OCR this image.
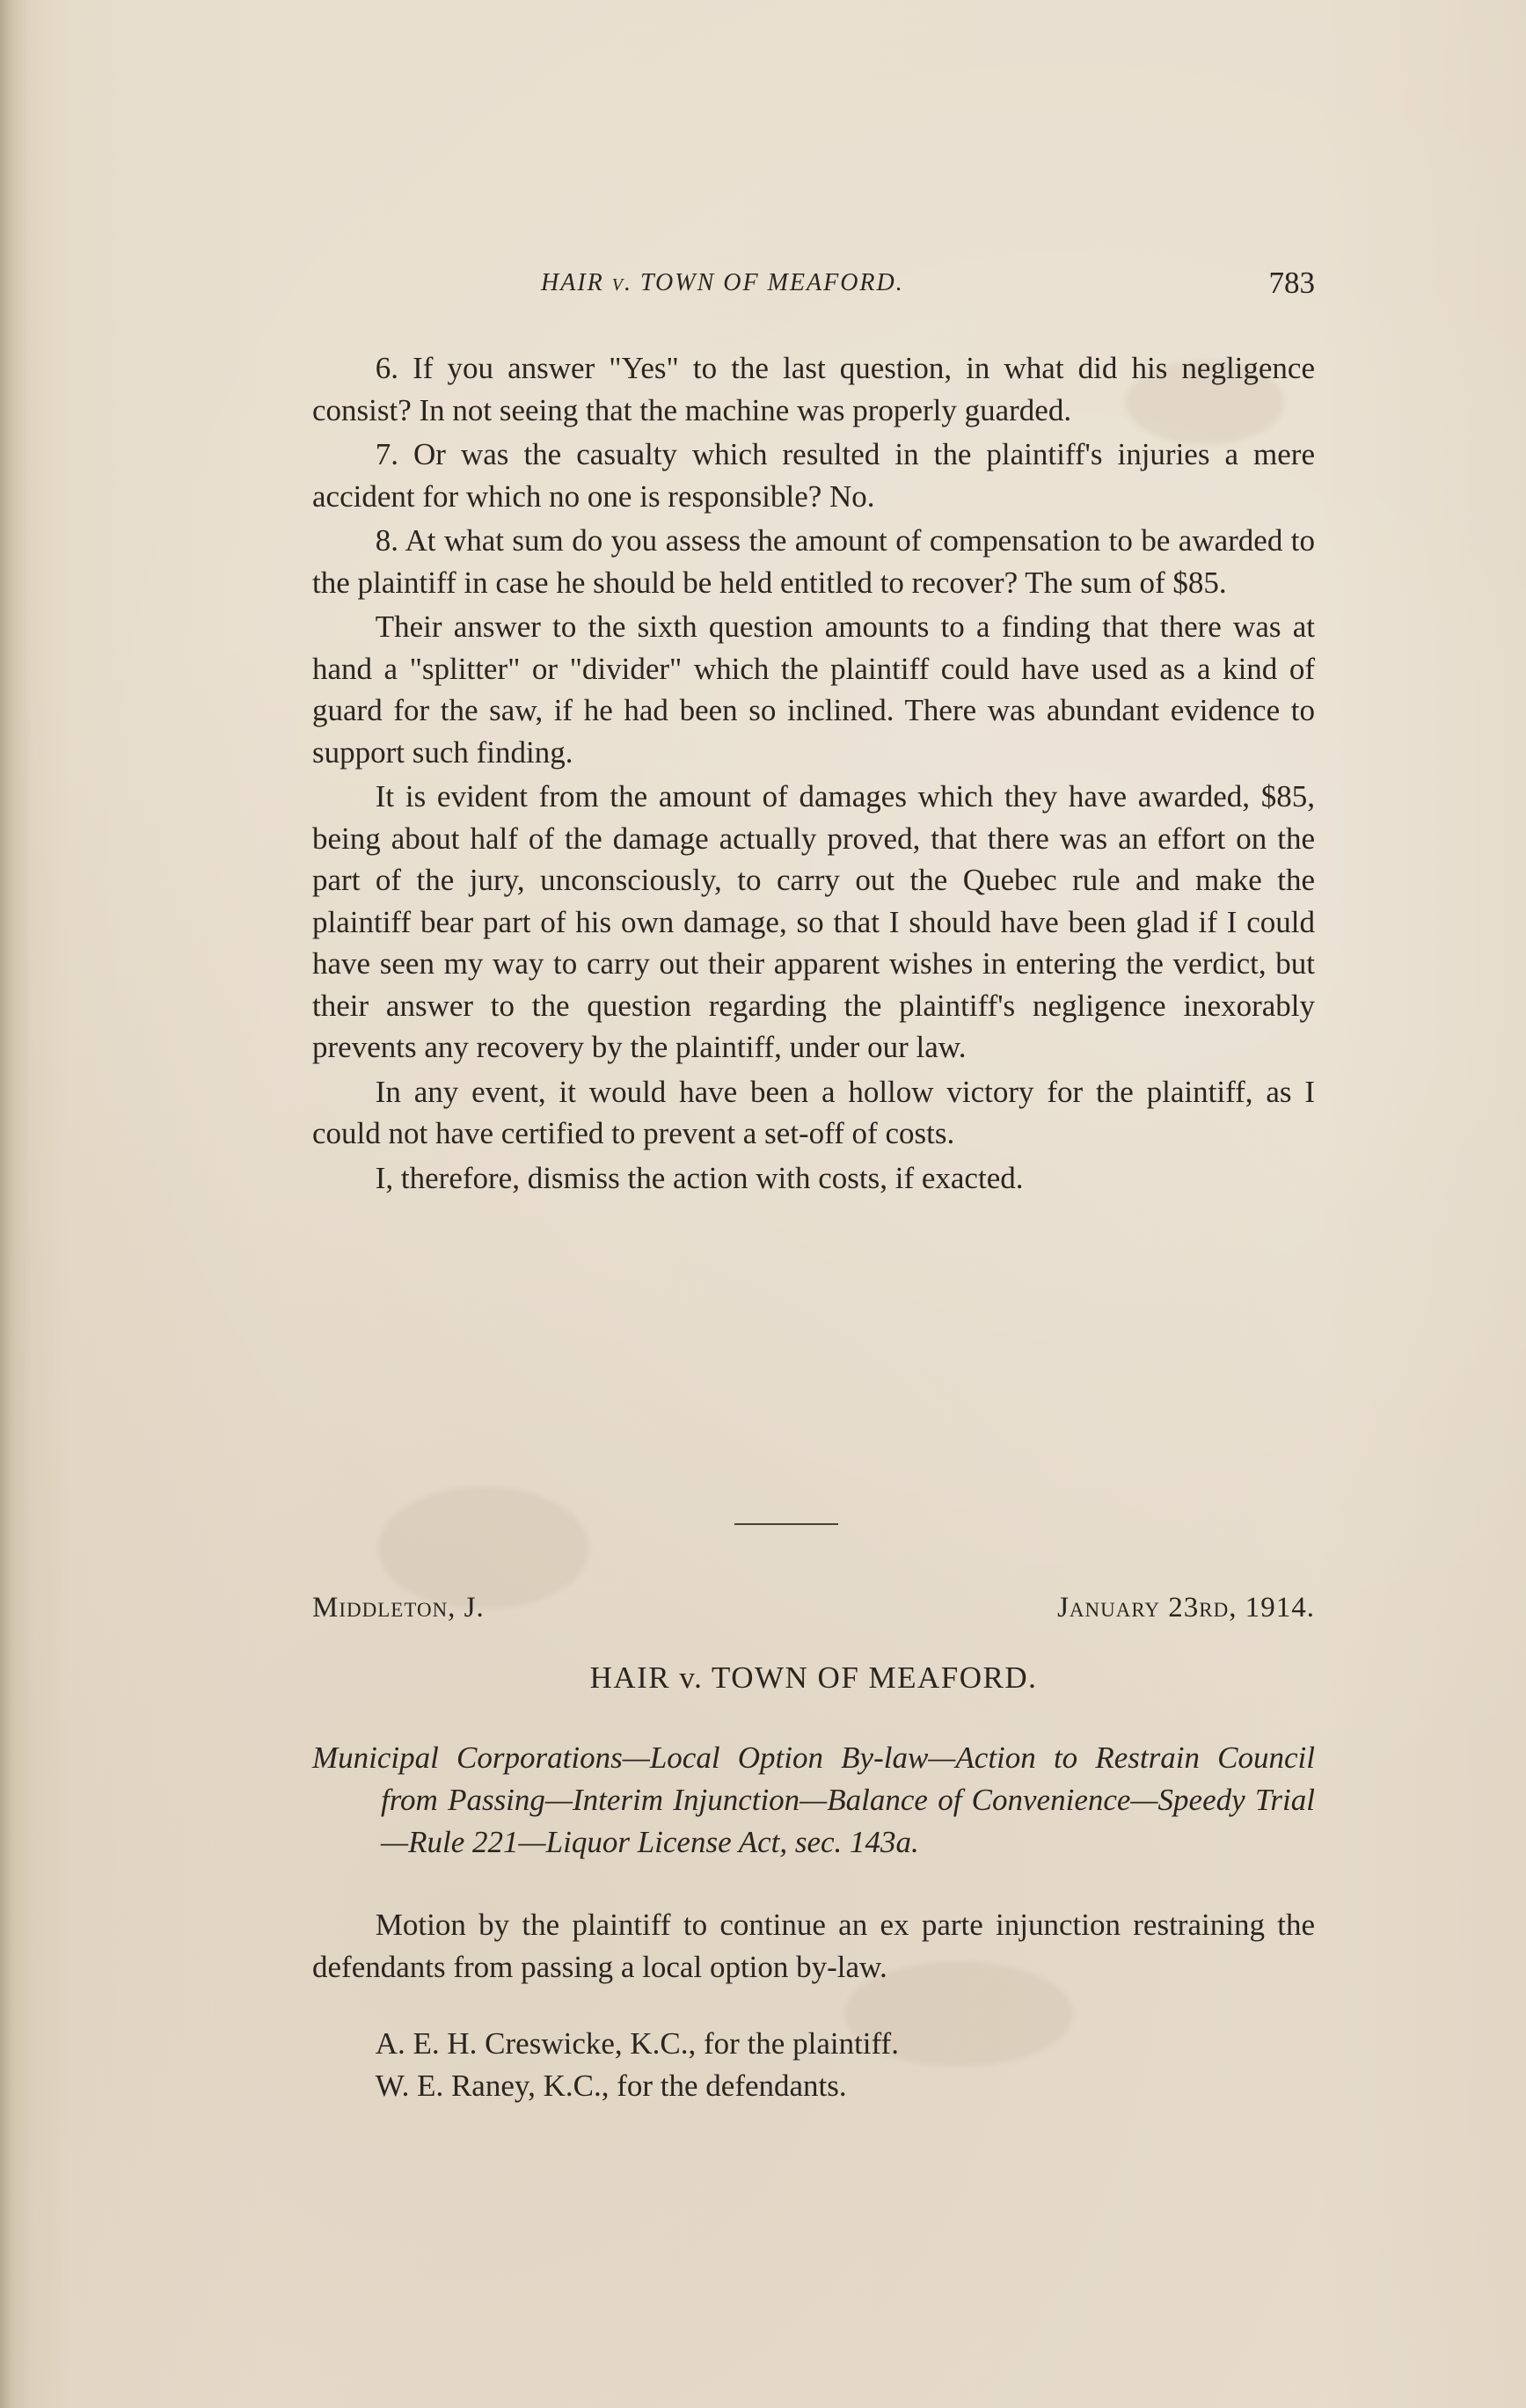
HAIR v. TOWN OF MEAFORD.	783

6. If you answer "Yes" to the last question, in what did his negligence consist? In not seeing that the machine was properly guarded.

7. Or was the casualty which resulted in the plaintiff's injuries a mere accident for which no one is responsible? No.

8. At what sum do you assess the amount of compensation to be awarded to the plaintiff in case he should be held entitled to recover? The sum of $85.

Their answer to the sixth question amounts to a finding that there was at hand a "splitter" or "divider" which the plaintiff could have used as a kind of guard for the saw, if he had been so inclined. There was abundant evidence to support such finding.

It is evident from the amount of damages which they have awarded, $85, being about half of the damage actually proved, that there was an effort on the part of the jury, unconsciously, to carry out the Quebec rule and make the plaintiff bear part of his own damage, so that I should have been glad if I could have seen my way to carry out their apparent wishes in entering the verdict, but their answer to the question regarding the plaintiff's negligence inexorably prevents any recovery by the plaintiff, under our law.

In any event, it would have been a hollow victory for the plaintiff, as I could not have certified to prevent a set-off of costs.

I, therefore, dismiss the action with costs, if exacted.

Middleton, J.	January 23rd, 1914.
HAIR v. TOWN OF MEAFORD.

Municipal Corporations—Local Option By-law—Action to Restrain Council from Passing—Interim Injunction—Balance of Convenience—Speedy Trial—Rule 221—Liquor License Act, sec. 143a.

Motion by the plaintiff to continue an ex parte injunction restraining the defendants from passing a local option by-law.

A. E. H. Creswicke, K.C., for the plaintiff.
W. E. Raney, K.C., for the defendants.
